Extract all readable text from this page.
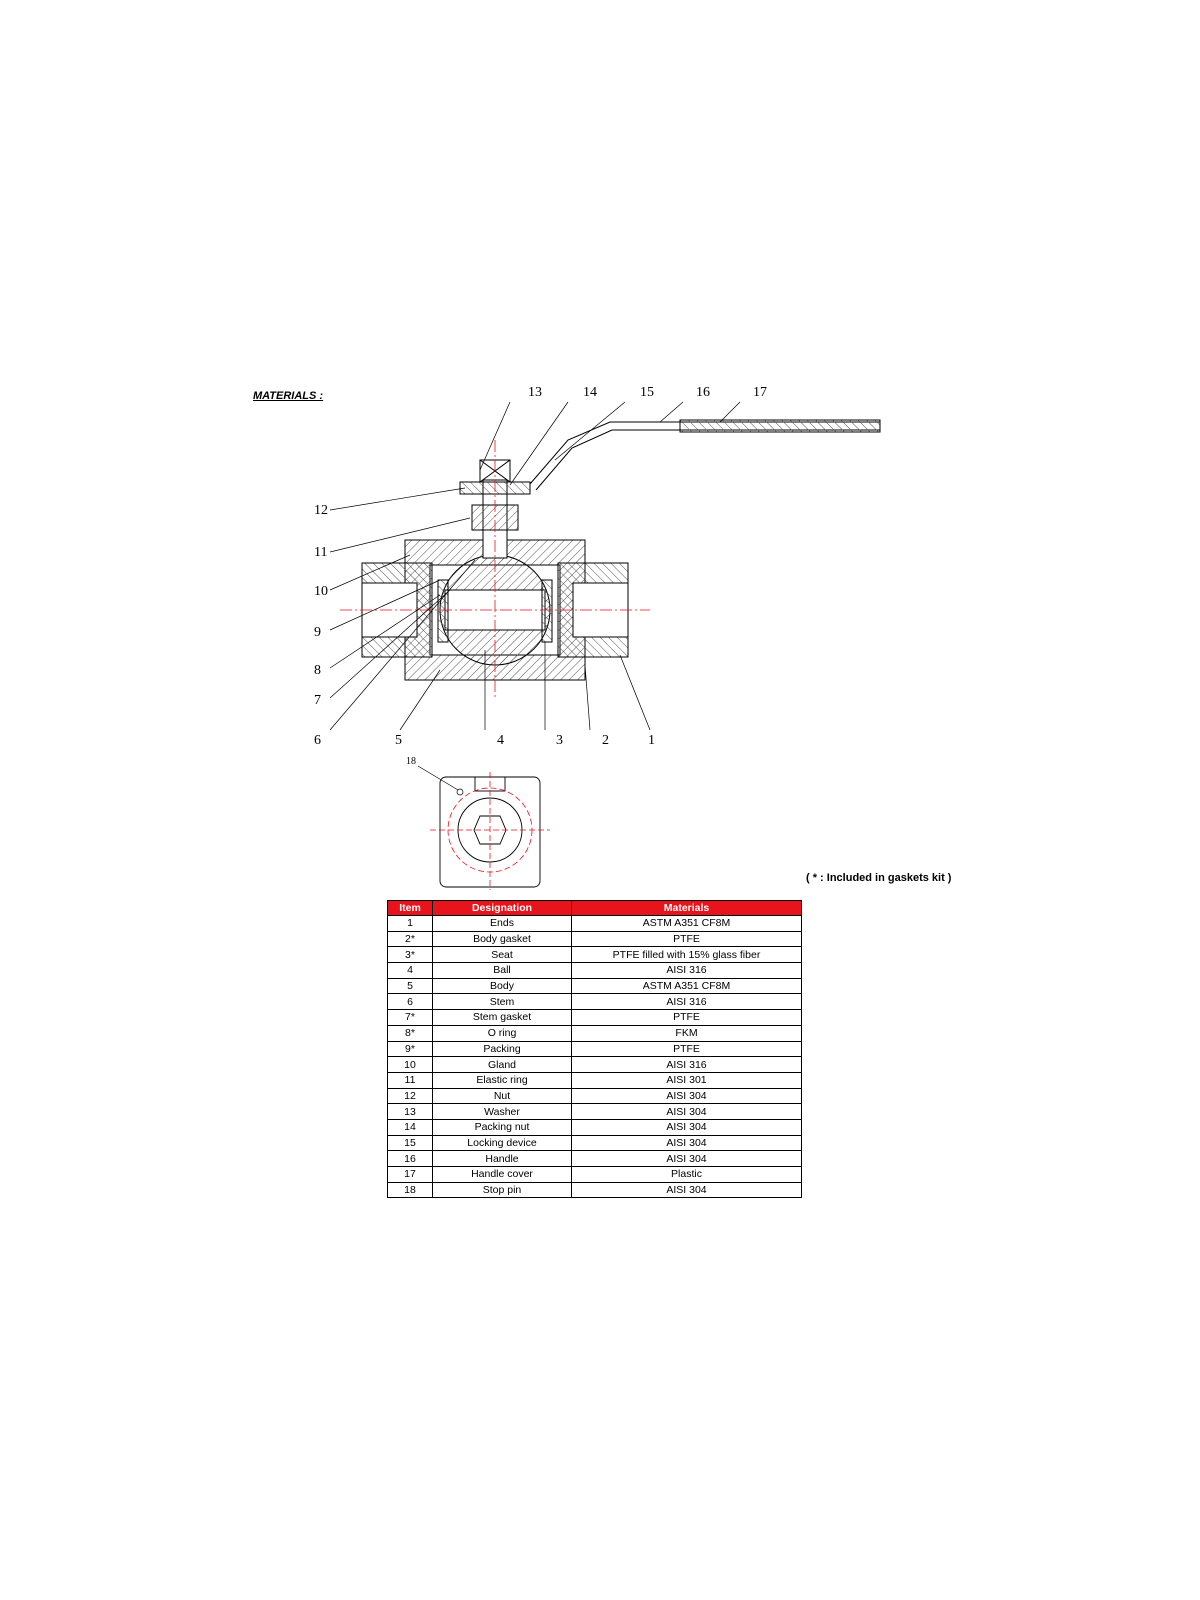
MATERIALS :	13	14	15	16	17
12
11
10
9
8
7
6	5	4	3	2	1
18
( * : Included in gaskets kit )
Item	Designation	Materials
1	Ends	ASTM A351 CF8M
2*	Body gasket	PTFE
3*	Seat	PTFE filled with 15% glass fiber
4	Ball	AISI 316
5	Body	ASTM A351 CF8M
6	Stem	AISI 316
7*	Stem gasket	PTFE
8*	O ring	FKM
9*	Packing	PTFE
10	Gland	AISI 316
11	Elastic ring	AISI 301
12	Nut	AISI 304
13	Washer	AISI 304
14	Packing nut	AISI 304
15	Locking device	AISI 304
16	Handle	AISI 304
17	Handle cover	Plastic
18	Stop pin	AISI 304
